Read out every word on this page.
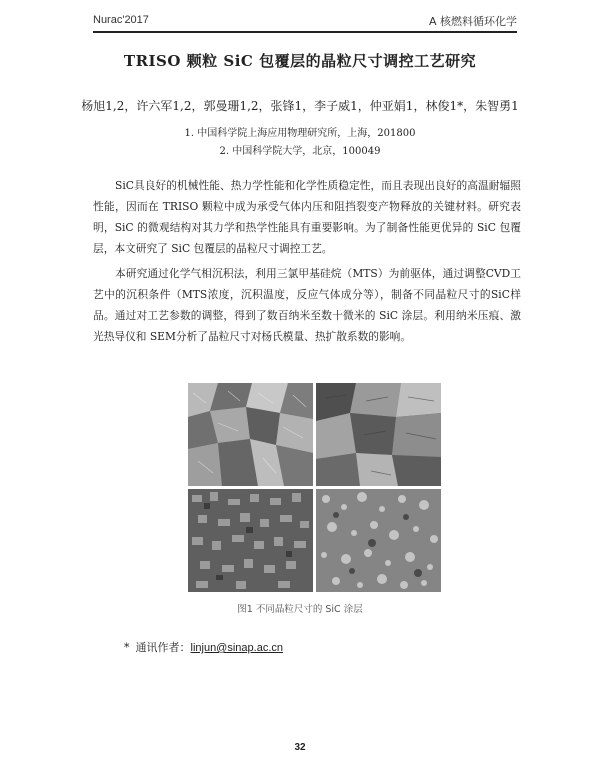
Nurac'2017	A 核燃料循环化学
TRISO 颗粒 SiC 包覆层的晶粒尺寸调控工艺研究
杨旭1,2，许六军1,2，郭曼珊1,2，张锋1，李子威1，仲亚娟1，林俊1*，朱智勇1
1. 中国科学院上海应用物理研究所，上海，201800
2. 中国科学院大学，北京，100049

SiC具良好的机械性能、热力学性能和化学性质稳定性，而且表现出良好的高温耐辐照性能，因而在 TRISO 颗粒中成为承受气体内压和阻挡裂变产物释放的关键材料。研究表明，SiC 的微观结构对其力学和热学性能具有重要影响。为了制备性能更优异的 SiC 包覆层，本文研究了 SiC 包覆层的晶粒尺寸调控工艺。

本研究通过化学气相沉积法，利用三氯甲基硅烷（MTS）为前驱体，通过调整CVD工艺中的沉积条件（MTS浓度，沉积温度，反应气体成分等），制备不同晶粒尺寸的SiC样品。通过对工艺参数的调整，得到了数百纳米至数十微米的 SiC 涂层。利用纳米压痕、激光热导仪和 SEM分析了晶粒尺寸对杨氏模量、热扩散系数的影响。

图1 不同晶粒尺寸的 SiC 涂层
* 通讯作者：linjun@sinap.ac.cn
32
